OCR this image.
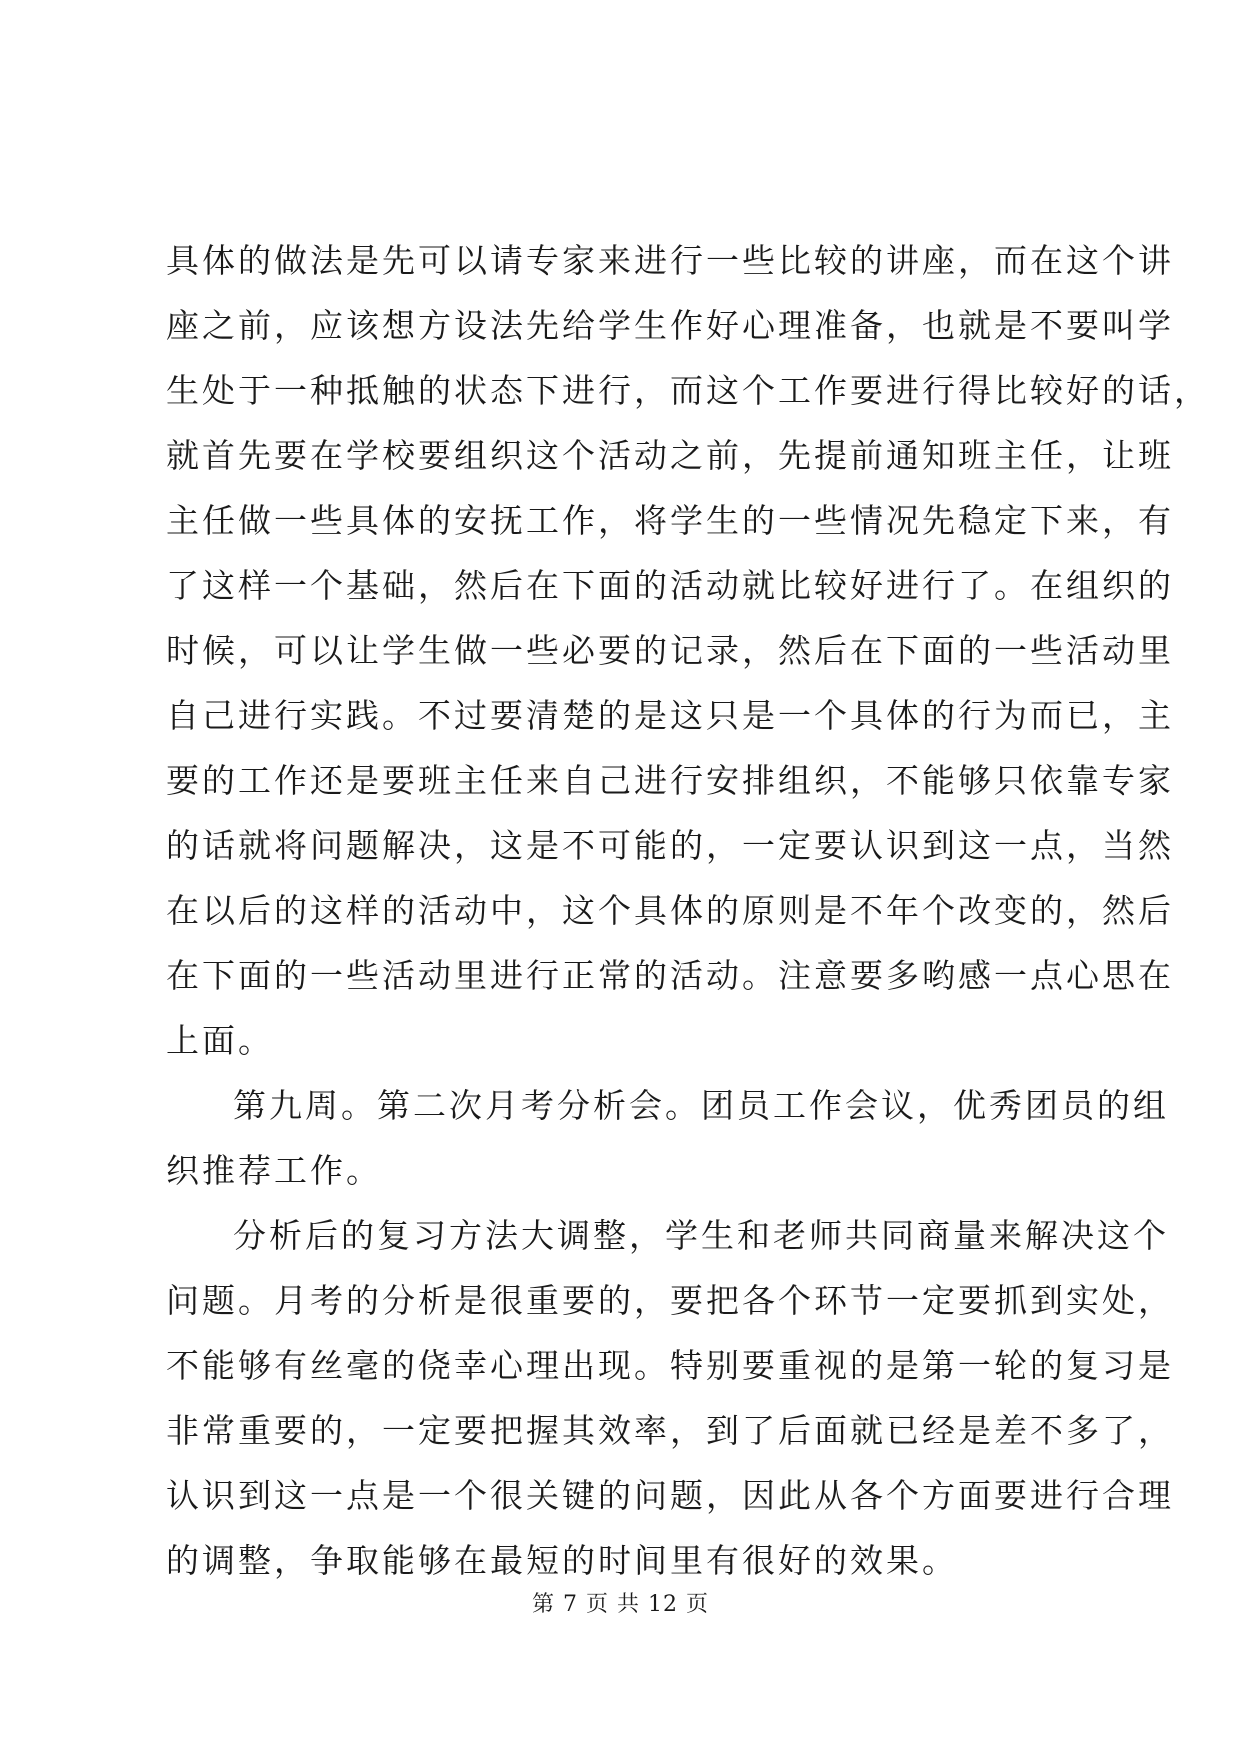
具体的做法是先可以请专家来进行一些比较的讲座，而在这个讲
座之前，应该想方设法先给学生作好心理准备，也就是不要叫学
生处于一种抵触的状态下进行，而这个工作要进行得比较好的话，
就首先要在学校要组织这个活动之前，先提前通知班主任，让班
主任做一些具体的安抚工作，将学生的一些情况先稳定下来，有
了这样一个基础，然后在下面的活动就比较好进行了。在组织的
时候，可以让学生做一些必要的记录，然后在下面的一些活动里
自己进行实践。不过要清楚的是这只是一个具体的行为而已，主
要的工作还是要班主任来自己进行安排组织，不能够只依靠专家
的话就将问题解决，这是不可能的，一定要认识到这一点，当然
在以后的这样的活动中，这个具体的原则是不年个改变的，然后
在下面的一些活动里进行正常的活动。注意要多哟感一点心思在
上面。
第九周。第二次月考分析会。团员工作会议，优秀团员的组
织推荐工作。
分析后的复习方法大调整，学生和老师共同商量来解决这个
问题。月考的分析是很重要的，要把各个环节一定要抓到实处，
不能够有丝毫的侥幸心理出现。特别要重视的是第一轮的复习是
非常重要的，一定要把握其效率，到了后面就已经是差不多了，
认识到这一点是一个很关键的问题，因此从各个方面要进行合理
的调整，争取能够在最短的时间里有很好的效果。
第 7 页 共 12 页
